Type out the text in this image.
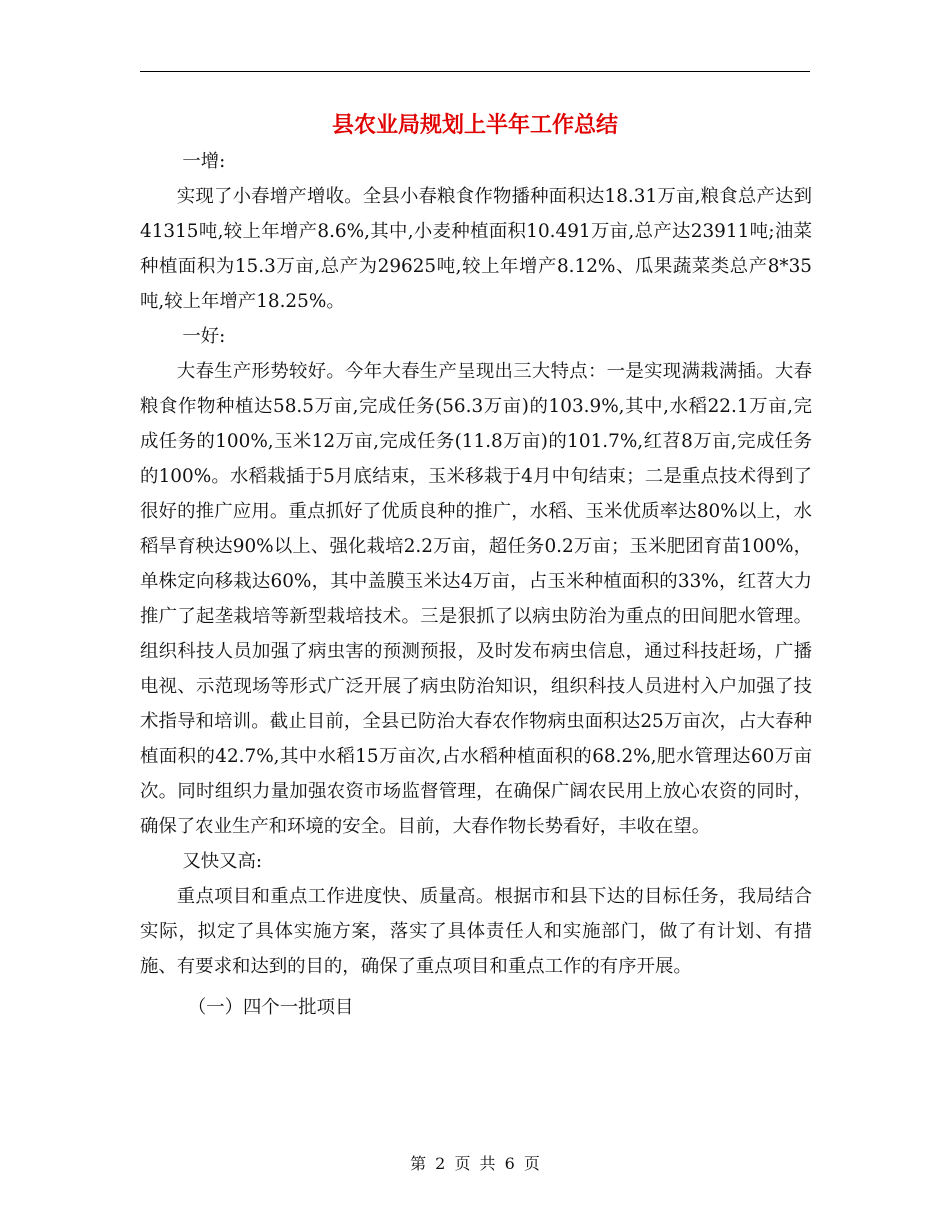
县农业局规划上半年工作总结

一增:

实现了小春增产增收。全县小春粮食作物播种面积达18.31万亩,粮食总产达到41315吨,较上年增产8.6%,其中,小麦种植面积10.491万亩,总产达23911吨;油菜种植面积为15.3万亩,总产为29625吨,较上年增产8.12%、瓜果蔬菜类总产8*35吨,较上年增产18.25%。

一好:

大春生产形势较好。今年大春生产呈现出三大特点：一是实现满栽满插。大春粮食作物种植达58.5万亩,完成任务(56.3万亩)的103.9%,其中,水稻22.1万亩,完成任务的100%,玉米12万亩,完成任务(11.8万亩)的101.7%,红苕8万亩,完成任务的100%。水稻栽插于5月底结束，玉米移栽于4月中旬结束；二是重点技术得到了很好的推广应用。重点抓好了优质良种的推广，水稻、玉米优质率达80%以上，水稻旱育秧达90%以上、强化栽培2.2万亩，超任务0.2万亩；玉米肥团育苗100%，单株定向移栽达60%，其中盖膜玉米达4万亩，占玉米种植面积的33%，红苕大力推广了起垄栽培等新型栽培技术。三是狠抓了以病虫防治为重点的田间肥水管理。组织科技人员加强了病虫害的预测预报，及时发布病虫信息，通过科技赶场，广播电视、示范现场等形式广泛开展了病虫防治知识，组织科技人员进村入户加强了技术指导和培训。截止目前，全县已防治大春农作物病虫面积达25万亩次，占大春种植面积的42.7%,其中水稻15万亩次,占水稻种植面积的68.2%,肥水管理达60万亩次。同时组织力量加强农资市场监督管理，在确保广阔农民用上放心农资的同时，确保了农业生产和环境的安全。目前，大春作物长势看好，丰收在望。

又快又高:

重点项目和重点工作进度快、质量高。根据市和县下达的目标任务，我局结合实际，拟定了具体实施方案，落实了具体责任人和实施部门，做了有计划、有措施、有要求和达到的目的，确保了重点项目和重点工作的有序开展。

（一）四个一批项目

第 2 页 共 6 页
